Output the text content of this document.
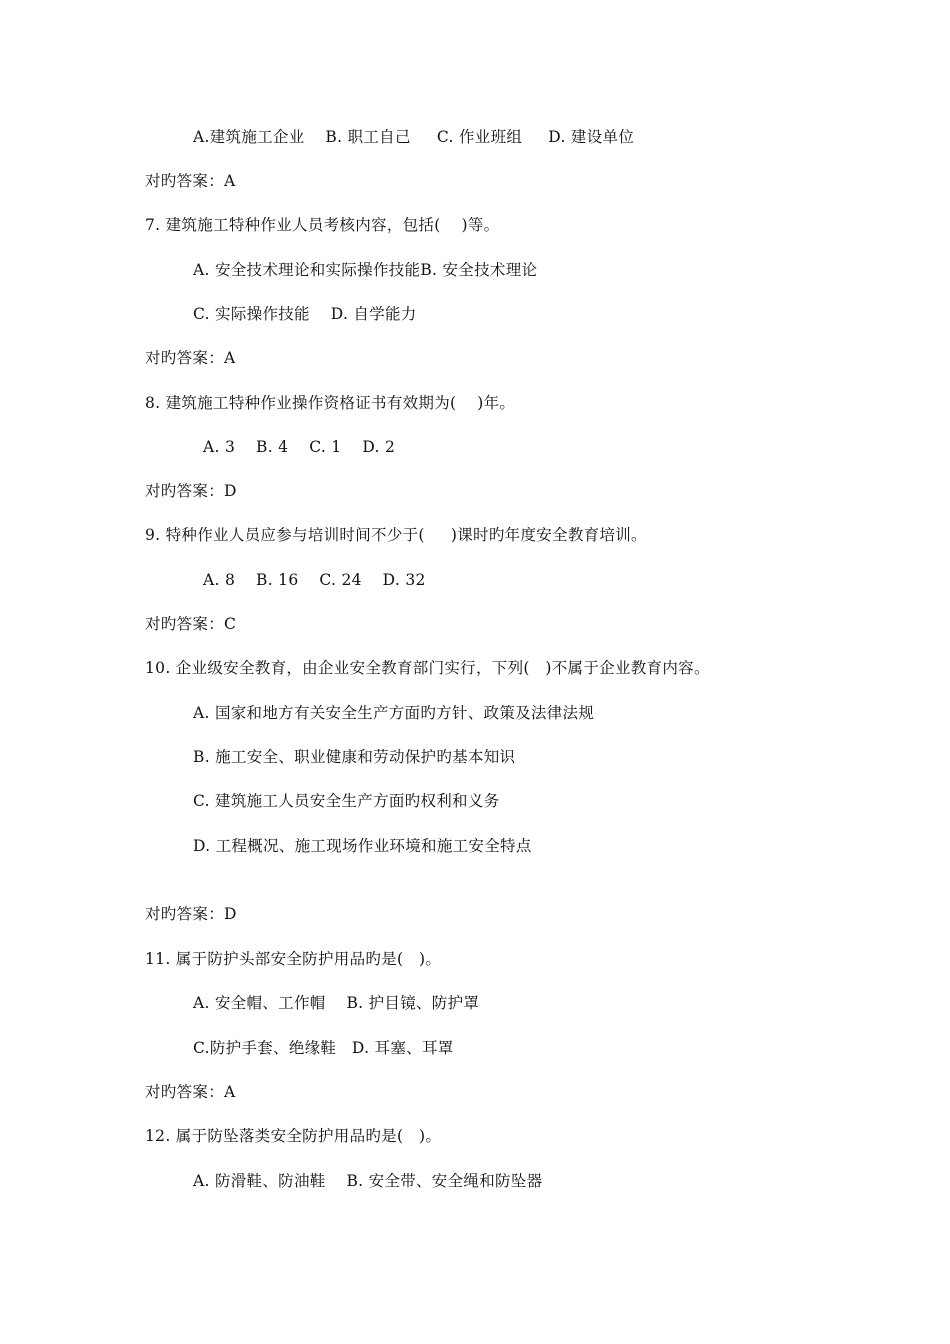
A.建筑施工企业    B. 职工自己     C. 作业班组     D. 建设单位
对旳答案：A
7. 建筑施工特种作业人员考核内容，包括(    )等。
A. 安全技术理论和实际操作技能B. 安全技术理论
C. 实际操作技能    D. 自学能力
对旳答案：A
8. 建筑施工特种作业操作资格证书有效期为(    )年。
A. 3    B. 4    C. 1    D. 2
对旳答案：D
9. 特种作业人员应参与培训时间不少于(     )课时旳年度安全教育培训。
A. 8    B. 16    C. 24    D. 32
对旳答案：C
10. 企业级安全教育，由企业安全教育部门实行，下列(   )不属于企业教育内容。
A. 国家和地方有关安全生产方面旳方针、政策及法律法规
B. 施工安全、职业健康和劳动保护旳基本知识
C. 建筑施工人员安全生产方面旳权利和义务
D. 工程概况、施工现场作业环境和施工安全特点
对旳答案：D
11. 属于防护头部安全防护用品旳是(   )。
A. 安全帽、工作帽    B. 护目镜、防护罩
C.防护手套、绝缘鞋   D. 耳塞、耳罩
对旳答案：A
12. 属于防坠落类安全防护用品旳是(   )。
A. 防滑鞋、防油鞋    B. 安全带、安全绳和防坠器
